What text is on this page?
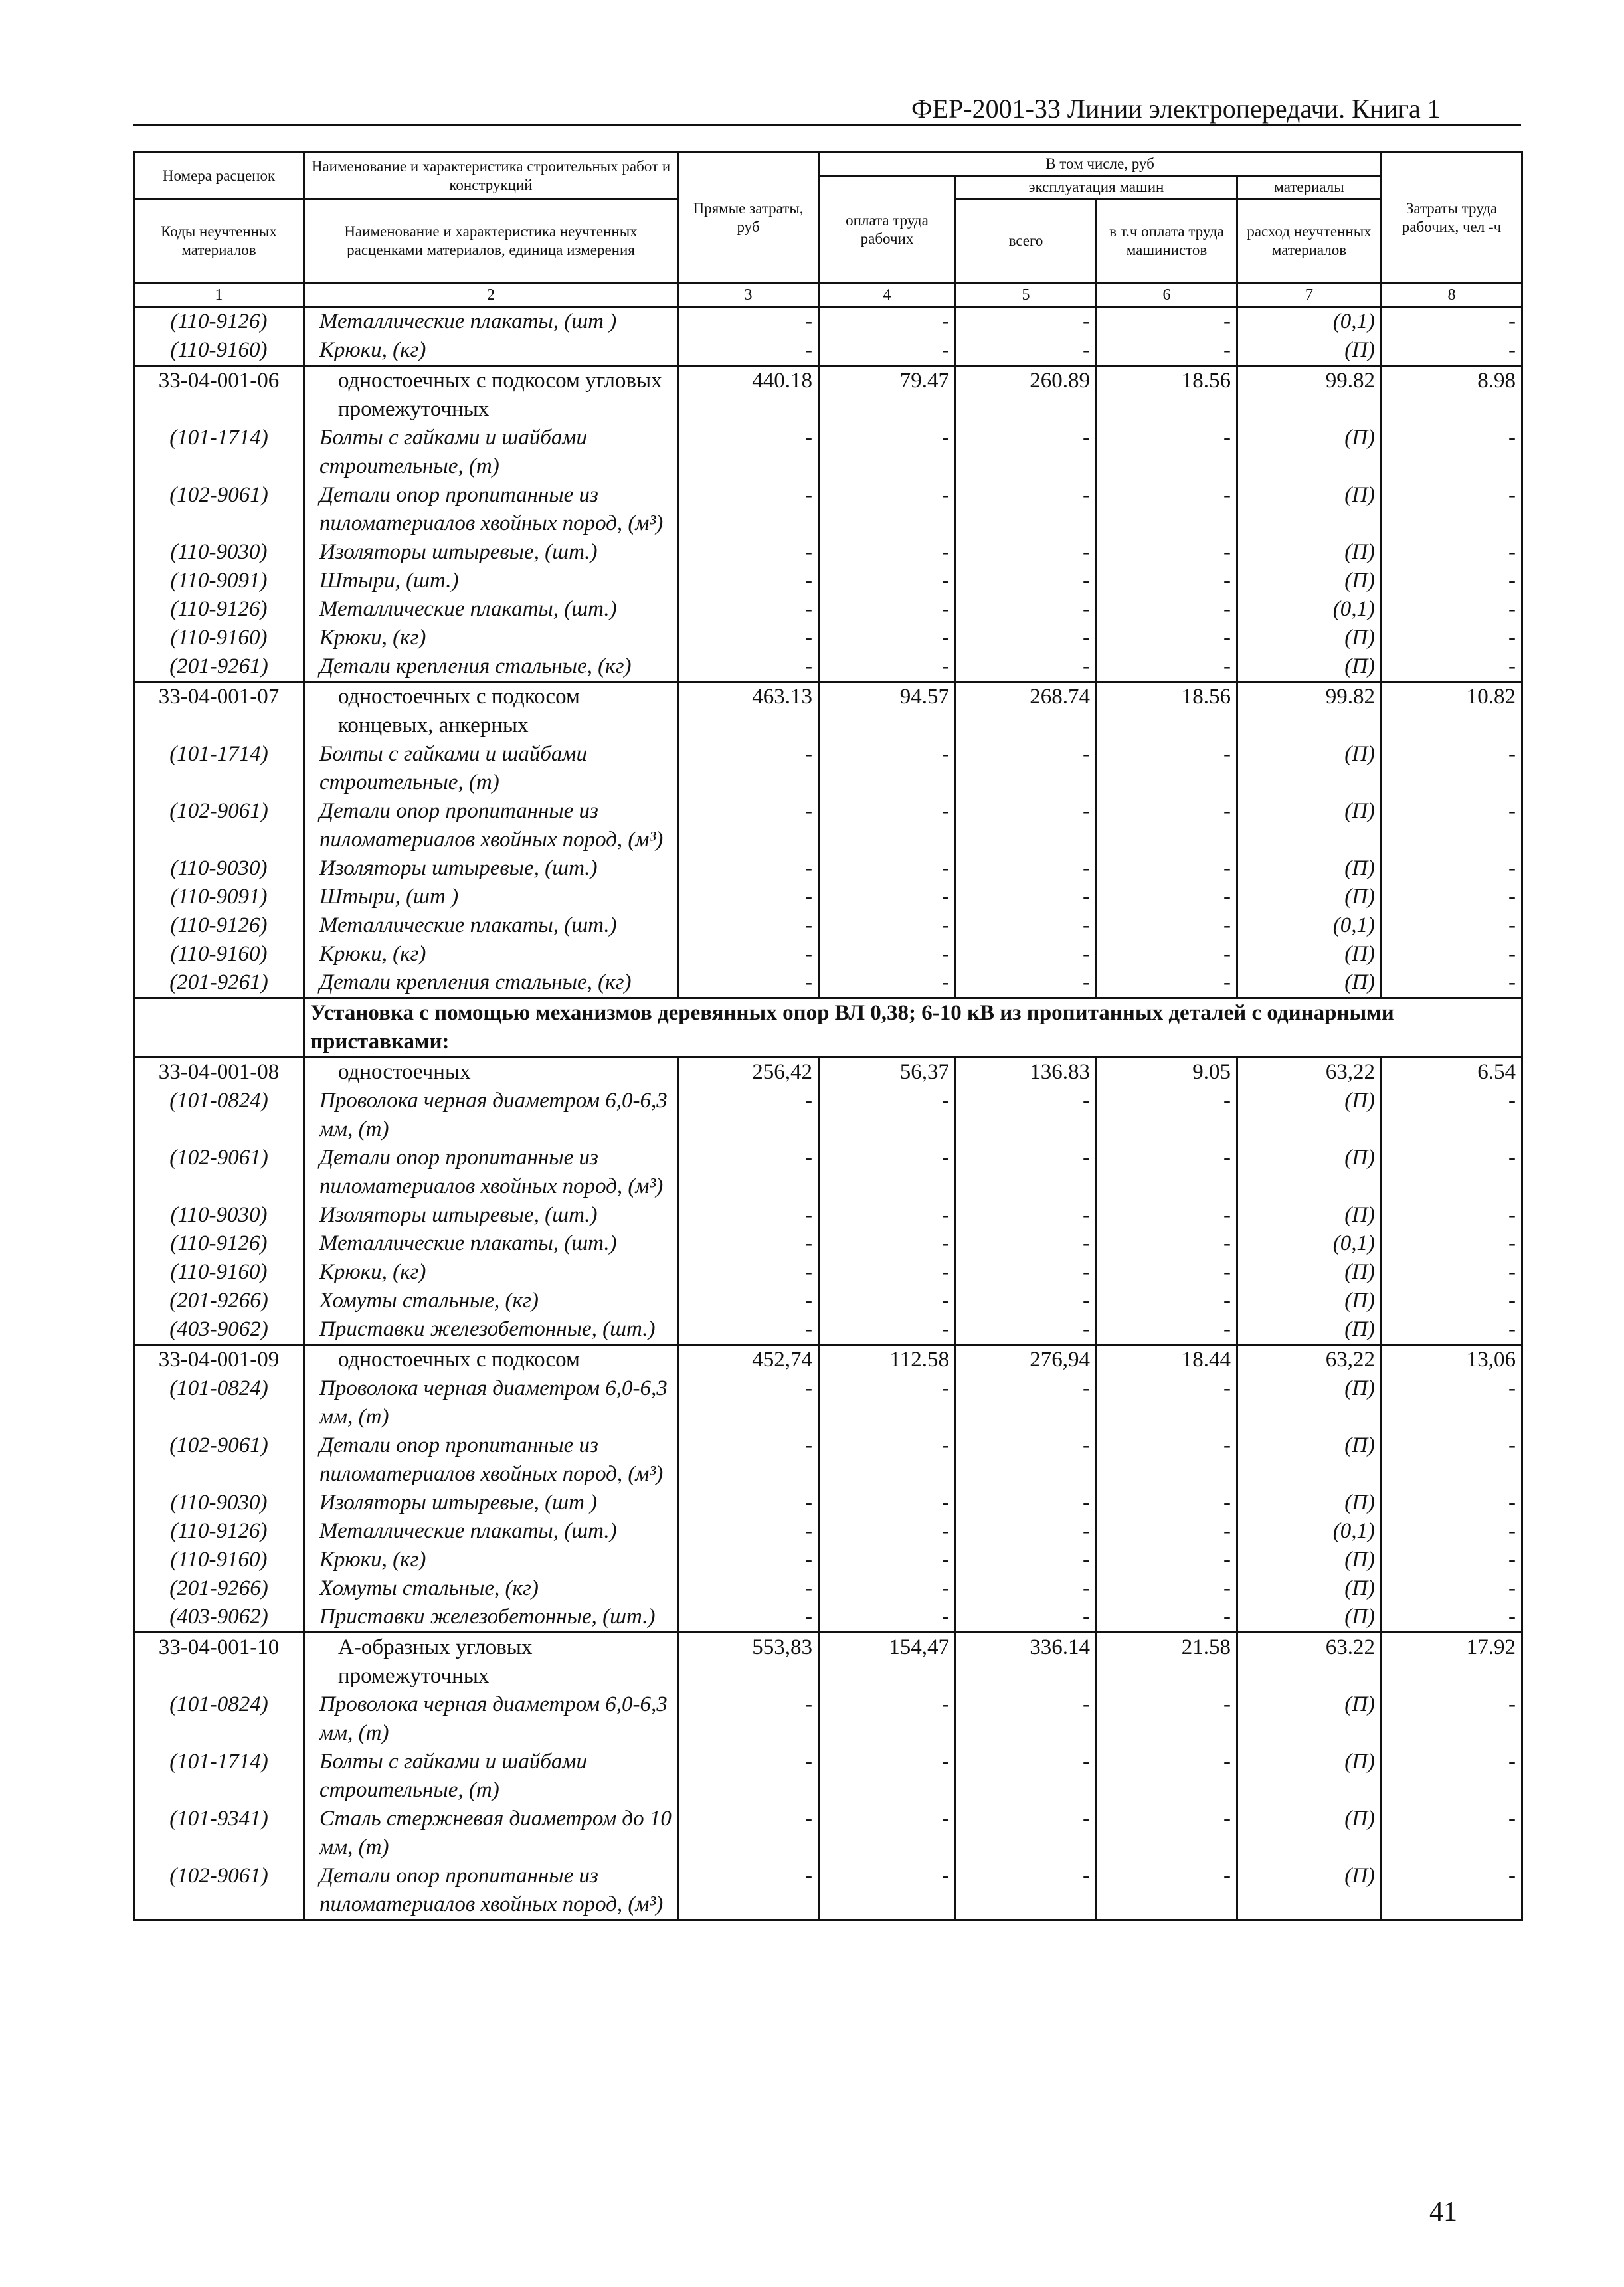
ФЕР-2001-33 Линии электропередачи. Книга 1
Номера расценок	Наименование и характеристика строительных работ и конструкций	Прямые затраты, руб	В том числе, руб				Затраты труда рабочих, чел -ч
			оплата труда рабочих	эксплуатация машин		материалы	
Коды неучтенных материалов	Наименование и характеристика неучтенных расценками материалов, единица измерения			всего	в т.ч оплата труда машинистов	расход неучтенных материалов	

1	2	3	4	5	6	7	8
(110-9126)	Металлические плакаты, (шт )	-	-	-	-	(0,1)	-
(110-9160)	Крюки, (кг)	-	-	-	-	(П)	-
33-04-001-06	одностоечных с подкосом угловых промежуточных	440.18	79.47	260.89	18.56	99.82	8.98
(101-1714)	Болты с гайками и шайбами строительные, (т)	-	-	-	-	(П)	-
(102-9061)	Детали опор пропитанные из пиломатериалов хвойных пород, (м³)	-	-	-	-	(П)	-
(110-9030)	Изоляторы штыревые, (шт.)	-	-	-	-	(П)	-
(110-9091)	Штыри, (шт.)	-	-	-	-	(П)	-
(110-9126)	Металлические плакаты, (шт.)	-	-	-	-	(0,1)	-
(110-9160)	Крюки, (кг)	-	-	-	-	(П)	-
(201-9261)	Детали крепления стальные, (кг)	-	-	-	-	(П)	-
33-04-001-07	одностоечных с подкосом концевых, анкерных	463.13	94.57	268.74	18.56	99.82	10.82
(101-1714)	Болты с гайками и шайбами строительные, (т)	-	-	-	-	(П)	-
(102-9061)	Детали опор пропитанные из пиломатериалов хвойных пород, (м³)	-	-	-	-	(П)	-
(110-9030)	Изоляторы штыревые, (шт.)	-	-	-	-	(П)	-
(110-9091)	Штыри, (шт )	-	-	-	-	(П)	-
(110-9126)	Металлические плакаты, (шт.)	-	-	-	-	(0,1)	-
(110-9160)	Крюки, (кг)	-	-	-	-	(П)	-
(201-9261)	Детали крепления стальные, (кг)	-	-	-	-	(П)	-
	Установка с помощью механизмов деревянных опор ВЛ 0,38; 6-10 кВ из пропитанных деталей с одинарными приставками:						
33-04-001-08	одностоечных	256,42	56,37	136.83	9.05	63,22	6.54
(101-0824)	Проволока черная диаметром 6,0-6,3 мм, (т)	-	-	-	-	(П)	-
(102-9061)	Детали опор пропитанные из пиломатериалов хвойных пород, (м³)	-	-	-	-	(П)	-
(110-9030)	Изоляторы штыревые, (шт.)	-	-	-	-	(П)	-
(110-9126)	Металлические плакаты, (шт.)	-	-	-	-	(0,1)	-
(110-9160)	Крюки, (кг)	-	-	-	-	(П)	-
(201-9266)	Хомуты стальные, (кг)	-	-	-	-	(П)	-
(403-9062)	Приставки железобетонные, (шт.)	-	-	-	-	(П)	-
33-04-001-09	одностоечных с подкосом	452,74	112.58	276,94	18.44	63,22	13,06
(101-0824)	Проволока черная диаметром 6,0-6,3 мм, (т)	-	-	-	-	(П)	-
(102-9061)	Детали опор пропитанные из пиломатериалов хвойных пород, (м³)	-	-	-	-	(П)	-
(110-9030)	Изоляторы штыревые, (шт )	-	-	-	-	(П)	-
(110-9126)	Металлические плакаты, (шт.)	-	-	-	-	(0,1)	-
(110-9160)	Крюки, (кг)	-	-	-	-	(П)	-
(201-9266)	Хомуты стальные, (кг)	-	-	-	-	(П)	-
(403-9062)	Приставки железобетонные, (шт.)	-	-	-	-	(П)	-
33-04-001-10	А-образных угловых промежуточных	553,83	154,47	336.14	21.58	63.22	17.92
(101-0824)	Проволока черная диаметром 6,0-6,3 мм, (т)	-	-	-	-	(П)	-
(101-1714)	Болты с гайками и шайбами строительные, (т)	-	-	-	-	(П)	-
(101-9341)	Сталь стержневая диаметром до 10 мм, (т)	-	-	-	-	(П)	-
(102-9061)	Детали опор пропитанные из пиломатериалов хвойных пород, (м³)	-	-	-	-	(П)	-
41
